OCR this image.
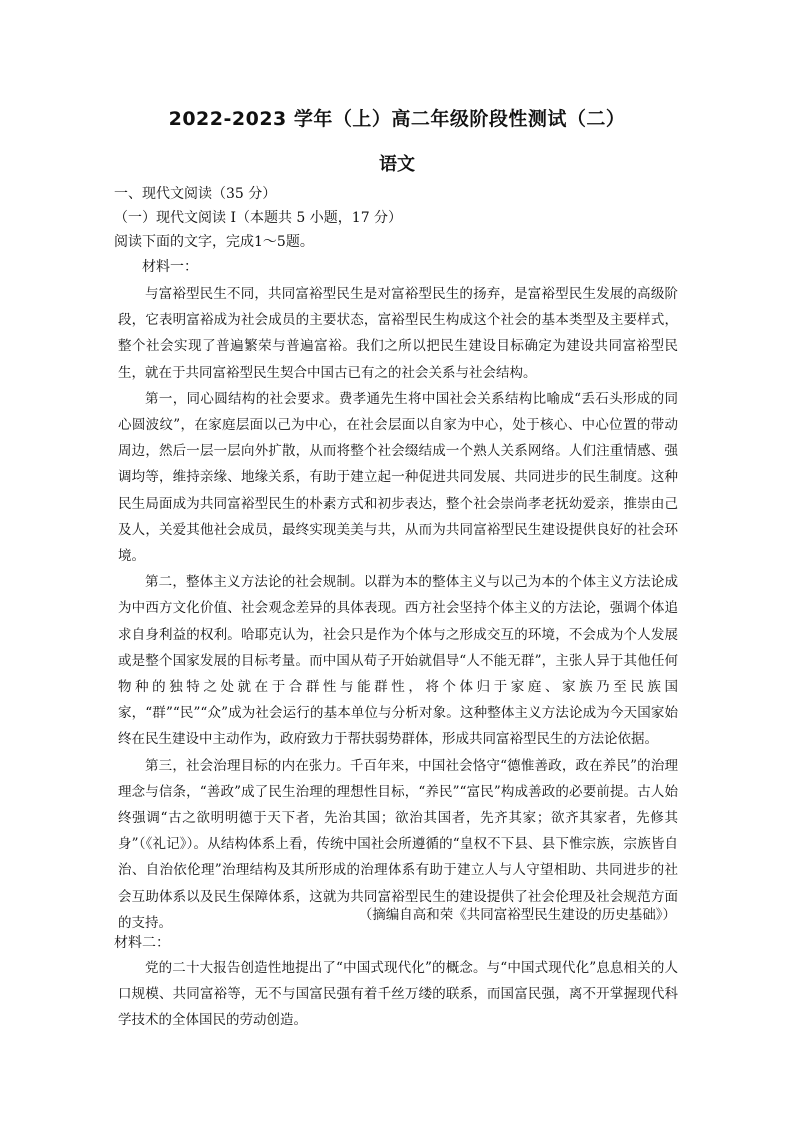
2022-2023 学年（上）高二年级阶段性测试（二）
语文
一、现代文阅读（35 分）
（一）现代文阅读 I（本题共 5 小题，17 分）
阅读下面的文字，完成1～5题。
材料一：

与富裕型民生不同，共同富裕型民生是对富裕型民生的扬弃，是富裕型民生发展的高级阶段，它表明富裕成为社会成员的主要状态，富裕型民生构成这个社会的基本类型及主要样式，整个社会实现了普遍繁荣与普遍富裕。我们之所以把民生建设目标确定为建设共同富裕型民生，就在于共同富裕型民生契合中国古已有之的社会关系与社会结构。

第一，同心圆结构的社会要求。费孝通先生将中国社会关系结构比喻成“丢石头形成的同心圆波纹”，在家庭层面以己为中心，在社会层面以自家为中心，处于核心、中心位置的带动周边，然后一层一层向外扩散，从而将整个社会缀结成一个熟人关系网络。人们注重情感、强调均等，维持亲缘、地缘关系，有助于建立起一种促进共同发展、共同进步的民生制度。这种民生局面成为共同富裕型民生的朴素方式和初步表达，整个社会崇尚孝老抚幼爱亲，推崇由己及人，关爱其他社会成员，最终实现美美与共，从而为共同富裕型民生建设提供良好的社会环境。

第二，整体主义方法论的社会规制。以群为本的整体主义与以己为本的个体主义方法论成为中西方文化价值、社会观念差异的具体表现。西方社会坚持个体主义的方法论，强调个体追求自身利益的权利。哈耶克认为，社会只是作为个体与之形成交互的环境，不会成为个人发展或是整个国家发展的目标考量。而中国从荀子开始就倡导“人不能无群”，主张人异于其他任何物种的独特之处就在于合群性与能群性，将个体归于家庭、家族乃至民族国家，“群”“民”“众”成为社会运行的基本单位与分析对象。这种整体主义方法论成为今天国家始终在民生建设中主动作为，政府致力于帮扶弱势群体，形成共同富裕型民生的方法论依据。

第三，社会治理目标的内在张力。千百年来，中国社会恪守“德惟善政，政在养民”的治理理念与信条，“善政”成了民生治理的理想性目标，“养民”“富民”构成善政的必要前提。古人始终强调“古之欲明明德于天下者，先治其国；欲治其国者，先齐其家；欲齐其家者，先修其身”（《礼记》）。从结构体系上看，传统中国社会所遵循的“皇权不下县、县下惟宗族，宗族皆自治、自治依伦理”治理结构及其所形成的治理体系有助于建立人与人守望相助、共同进步的社会互助体系以及民生保障体系，这就为共同富裕型民生的建设提供了社会伦理及社会规范方面的支持。	（摘编自高和荣《共同富裕型民生建设的历史基础》）
材料二：

党的二十大报告创造性地提出了“中国式现代化”的概念。与“中国式现代化”息息相关的人口规模、共同富裕等，无不与国富民强有着千丝万缕的联系，而国富民强，离不开掌握现代科学技术的全体国民的劳动创造。
